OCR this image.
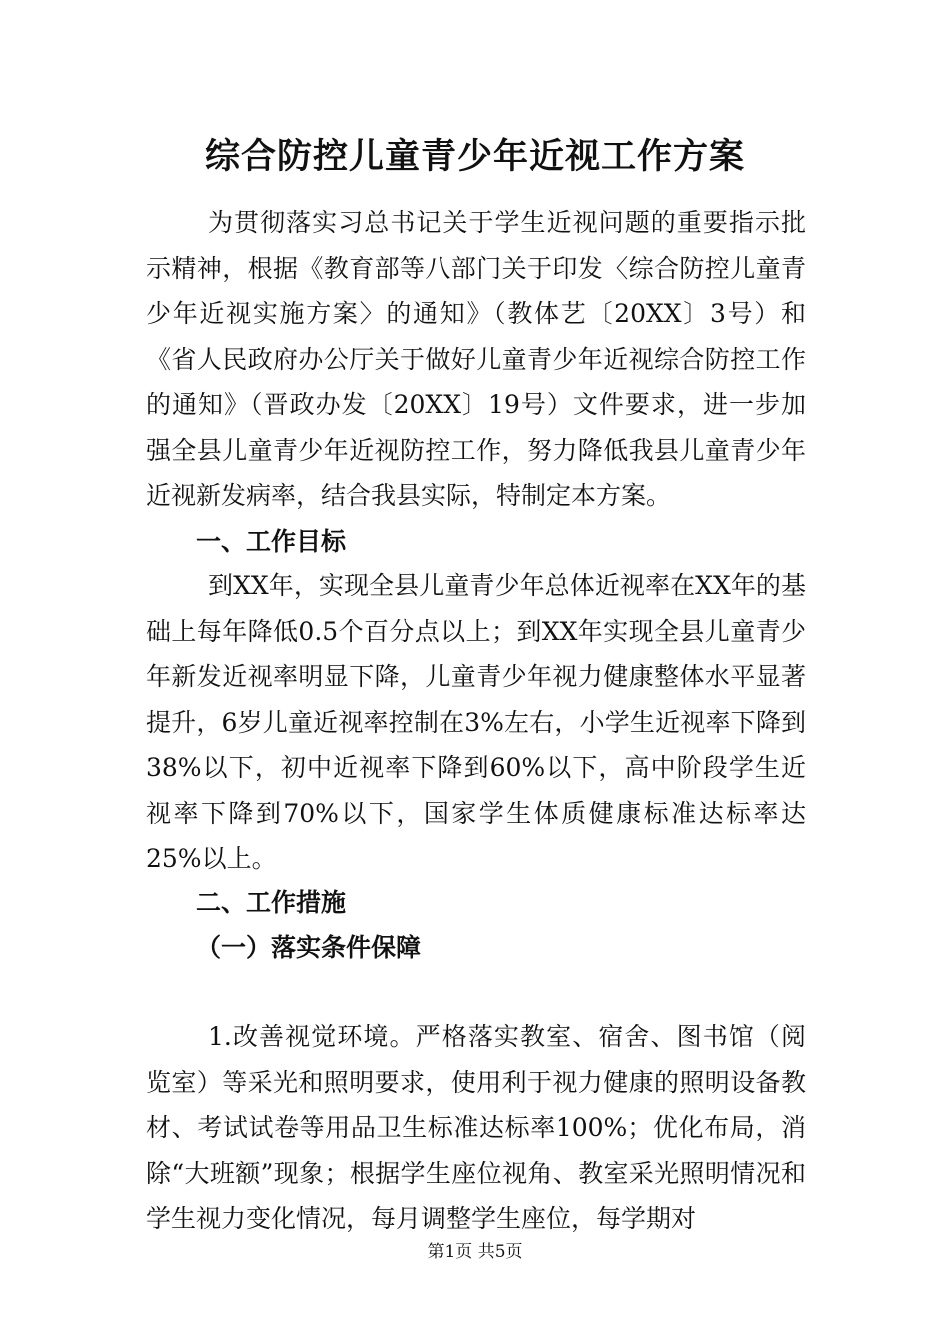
综合防控儿童青少年近视工作方案
为贯彻落实习总书记关于学生近视问题的重要指示批示精神，根据《教育部等八部门关于印发〈综合防控儿童青少年近视实施方案〉的通知》（教体艺〔20XX〕3号）和《省人民政府办公厅关于做好儿童青少年近视综合防控工作的通知》（晋政办发〔20XX〕19号）文件要求，进一步加强全县儿童青少年近视防控工作，努力降低我县儿童青少年近视新发病率，结合我县实际，特制定本方案。
一、工作目标
到XX年，实现全县儿童青少年总体近视率在XX年的基础上每年降低0.5个百分点以上；到XX年实现全县儿童青少年新发近视率明显下降，儿童青少年视力健康整体水平显著提升，6岁儿童近视率控制在3%左右，小学生近视率下降到38%以下，初中近视率下降到60%以下，高中阶段学生近视率下降到70%以下，国家学生体质健康标准达标率达25%以上。
二、工作措施
（一）落实条件保障
1.改善视觉环境。严格落实教室、宿舍、图书馆（阅览室）等采光和照明要求，使用利于视力健康的照明设备教材、考试试卷等用品卫生标准达标率100%；优化布局，消除“大班额”现象；根据学生座位视角、教室采光照明情况和学生视力变化情况，每月调整学生座位，每学期对
第1页 共5页
